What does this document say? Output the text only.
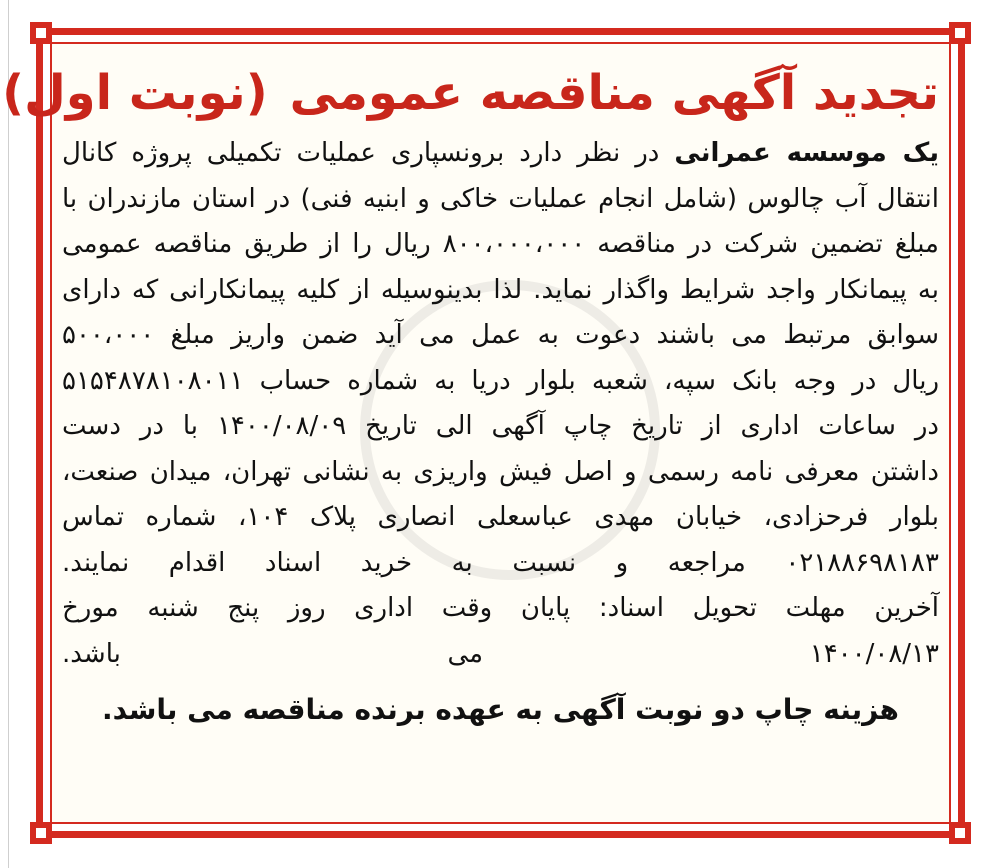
تجدید آگهی مناقصه عمومی(نوبت اول)
یک موسسه عمرانی در نظر دارد برونسپاری عملیات تکمیلی پروژه کانال
انتقال آب چالوس (شامل انجام عملیات خاکی و ابنیه فنی) در استان مازندران با
مبلغ تضمین شرکت در مناقصه ۸۰۰،۰۰۰،۰۰۰ ریال را از طریق مناقصه عمومی
به پیمانکار واجد شرایط واگذار نماید. لذا بدینوسیله از کلیه پیمانکارانی که دارای
سوابق مرتبط می باشند دعوت به عمل می آید ضمن واریز مبلغ ۵۰۰،۰۰۰
ریال در وجه بانک سپه، شعبه بلوار دریا به شماره حساب ۵۱۵۴۸۷۸۱۰۸۰۱۱
در ساعات اداری از تاریخ چاپ آگهی الی تاریخ ۱۴۰۰/۰۸/۰۹ با در دست
داشتن معرفی نامه رسمی و اصل فیش واریزی به نشانی تهران، میدان صنعت،
بلوار فرحزادی، خیابان مهدی عباسعلی انصاری پلاک ۱۰۴، شماره تماس
۰۲۱۸۸۶۹۸۱۸۳ مراجعه و نسبت به خرید اسناد اقدام نمایند.
آخرین مهلت تحویل اسناد: پایان وقت اداری روز پنج شنبه مورخ
۱۴۰۰/۰۸/۱۳ می باشد.
هزینه چاپ دو نوبت آگهی به عهده برنده مناقصه می باشد.
